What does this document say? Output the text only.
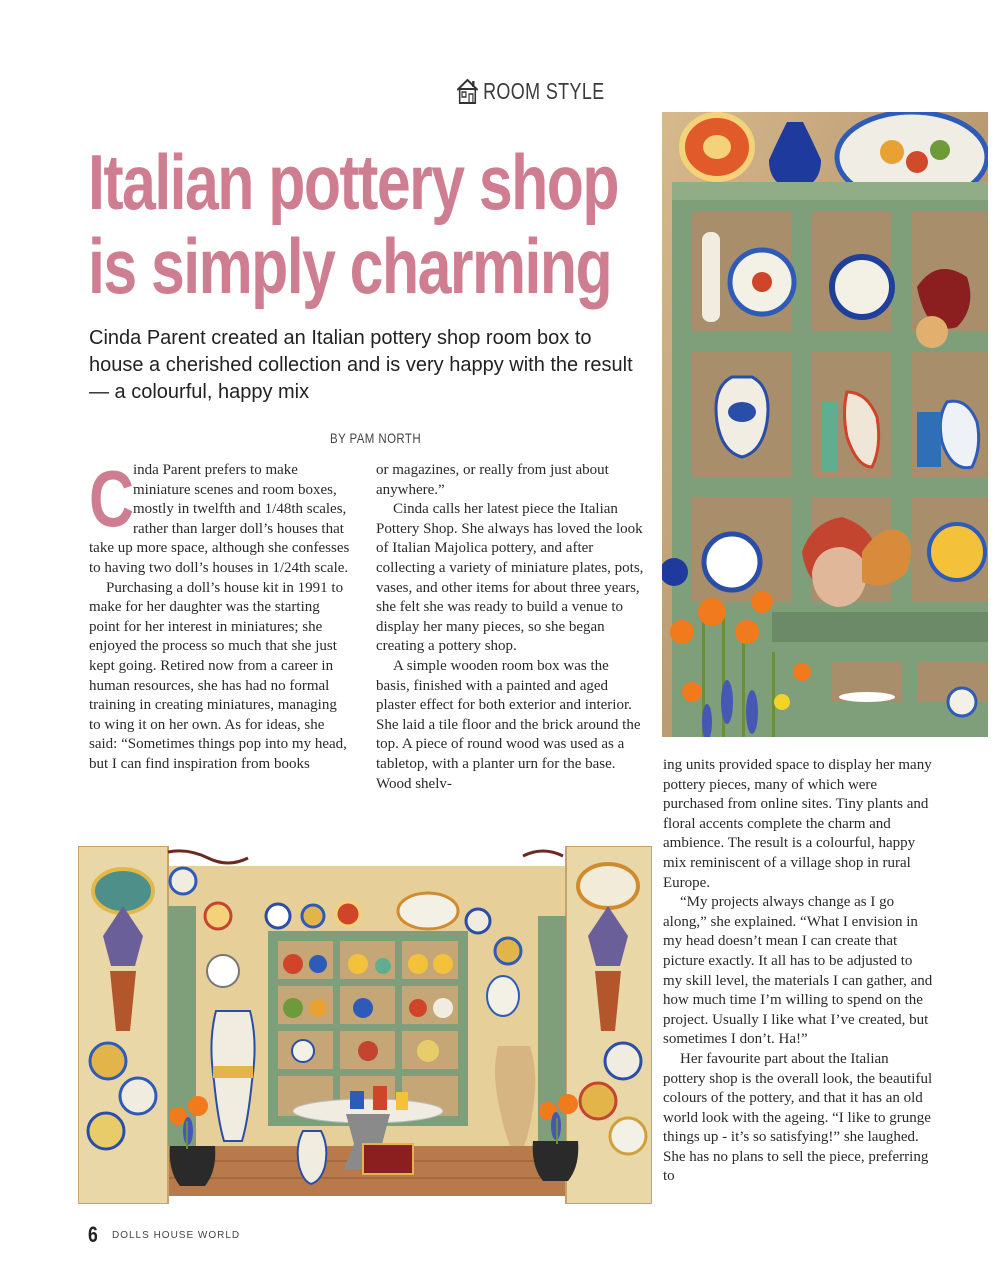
ROOM STYLE
Italian pottery shop
is simply charming

Cinda Parent created an Italian pottery shop room box to house a cherished collection and is very happy with the result — a colourful, happy mix

BY PAM NORTH

C
inda Parent prefers to make miniature scenes and room boxes, mostly in twelfth and 1/48th scales, rather than larger doll’s houses that take up more space, although she confesses to having two doll’s houses in 1/24th scale.

Purchasing a doll’s house kit in 1991 to make for her daughter was the starting point for her interest in miniatures; she enjoyed the process so much that she just kept going. Retired now from a career in human resources, she has had no formal training in creating miniatures, managing to wing it on her own. As for ideas, she said: “Sometimes things pop into my head, but I can find inspiration from books

or magazines, or really from just about anywhere.”

Cinda calls her latest piece the Italian Pottery Shop. She always has loved the look of Italian Majolica pottery, and after collecting a variety of miniature plates, pots, vases, and other items for about three years, she felt she was ready to build a venue to display her many pieces, so she began creating a pottery shop.

A simple wooden room box was the basis, finished with a painted and aged plaster effect for both exterior and interior. She laid a tile floor and the brick around the top. A piece of round wood was used as a tabletop, with a planter urn for the base. Wood shelv-

ing units provided space to display her many pottery pieces, many of which were purchased from online sites. Tiny plants and floral accents complete the charm and ambience. The result is a colourful, happy mix reminiscent of a village shop in rural Europe.

“My projects always change as I go along,” she explained. “What I envision in my head doesn’t mean I can create that picture exactly. It all has to be adjusted to my skill level, the materials I can gather, and how much time I’m willing to spend on the project. Usually I like what I’ve created, but sometimes I don’t. Ha!”

Her favourite part about the Italian pottery shop is the overall look, the beautiful colours of the pottery, and that it has an old world look with the ageing. “I like to grunge things up - it’s so satisfying!” she laughed. She has no plans to sell the piece, preferring to

6 DOLLS HOUSE WORLD
